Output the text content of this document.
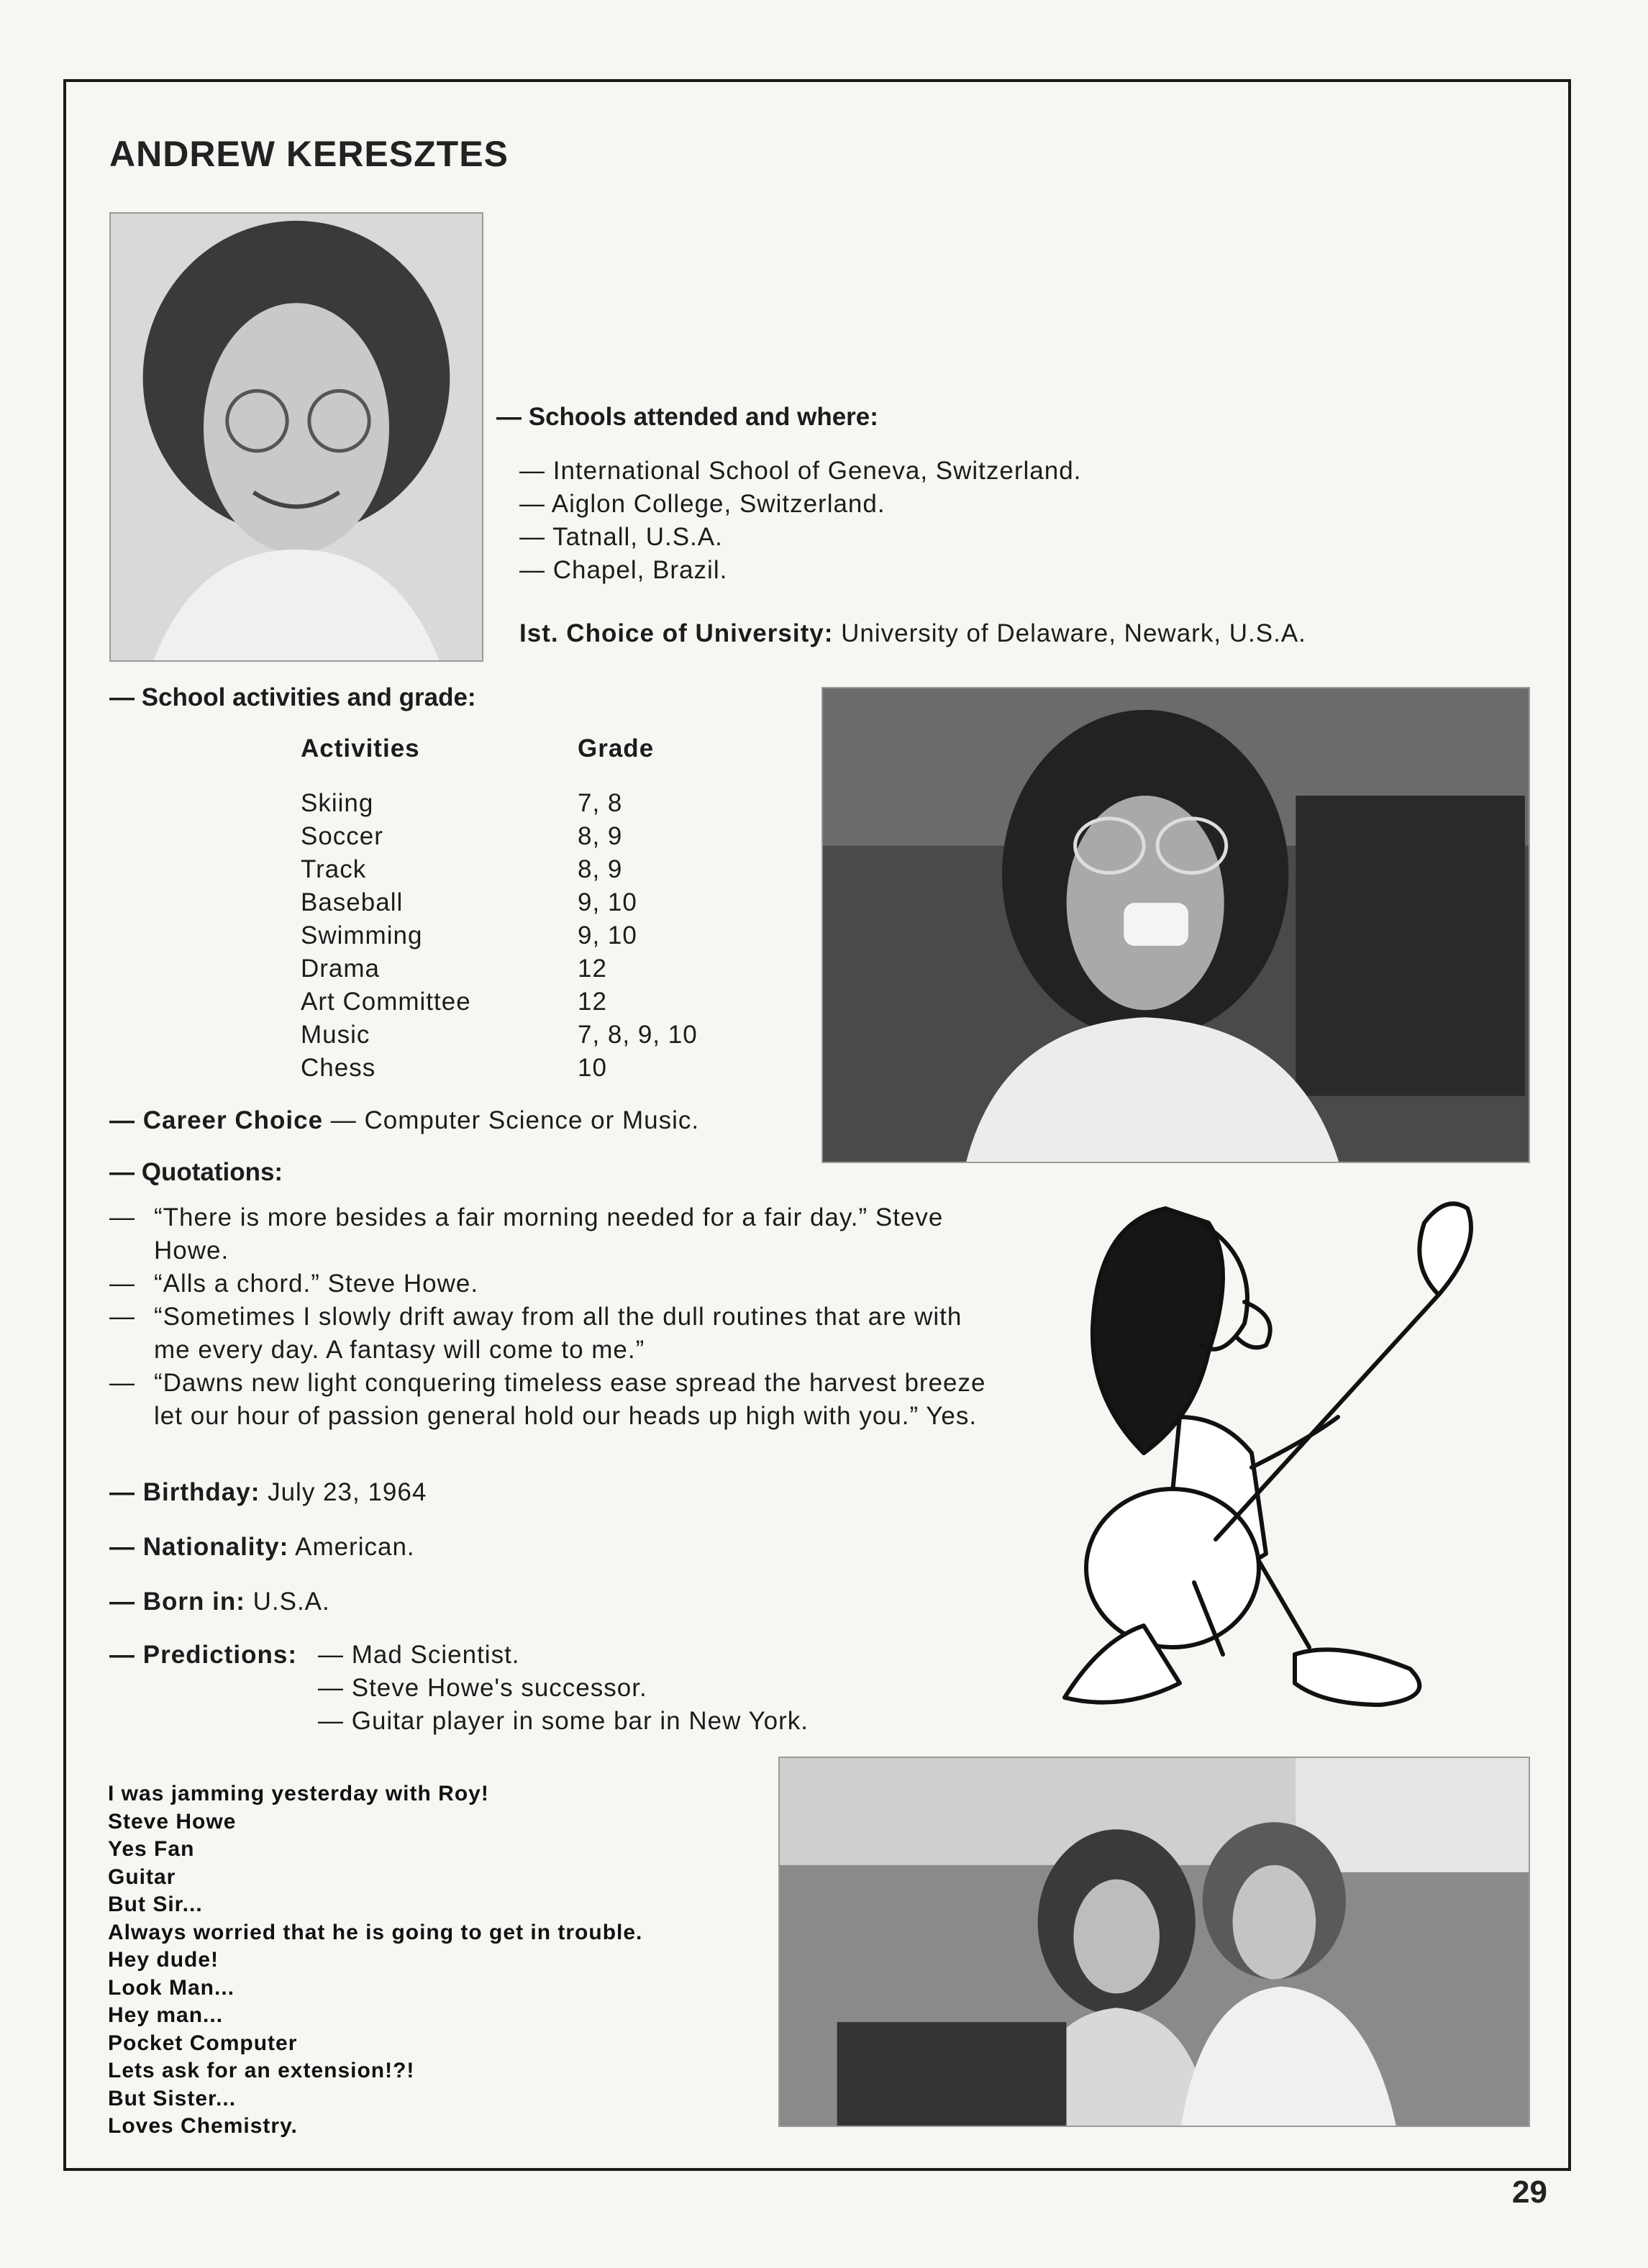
ANDREW KERESZTES
— Schools attended and where:
— International School of Geneva, Switzerland.
— Aiglon College, Switzerland.
— Tatnall, U.S.A.
— Chapel, Brazil.
Ist. Choice of University: University of Delaware, Newark, U.S.A.
— School activities and grade:
Activities	Grade
Skiing	7, 8
Soccer	8, 9
Track	8, 9
Baseball	9, 10
Swimming	9, 10
Drama	12
Art Committee	12
Music	7, 8, 9, 10
Chess	10
— Career Choice — Computer Science or Music.
— Quotations:
— “There is more besides a fair morning needed for a fair day.” Steve Howe.
— “Alls a chord.” Steve Howe.
— “Sometimes I slowly drift away from all the dull routines that are with me every day. A fantasy will come to me.”
— “Dawns new light conquering timeless ease spread the harvest breeze let our hour of passion general hold our heads up high with you.” Yes.
— Birthday: July 23, 1964
— Nationality: American.
— Born in: U.S.A.
— Predictions: — Mad Scientist.
— Steve Howe's successor.
— Guitar player in some bar in New York.
I was jamming yesterday with Roy!
Steve Howe
Yes Fan
Guitar
But Sir...
Always worried that he is going to get in trouble.
Hey dude!
Look Man...
Hey man...
Pocket Computer
Lets ask for an extension!?!
But Sister...
Loves Chemistry.
29
